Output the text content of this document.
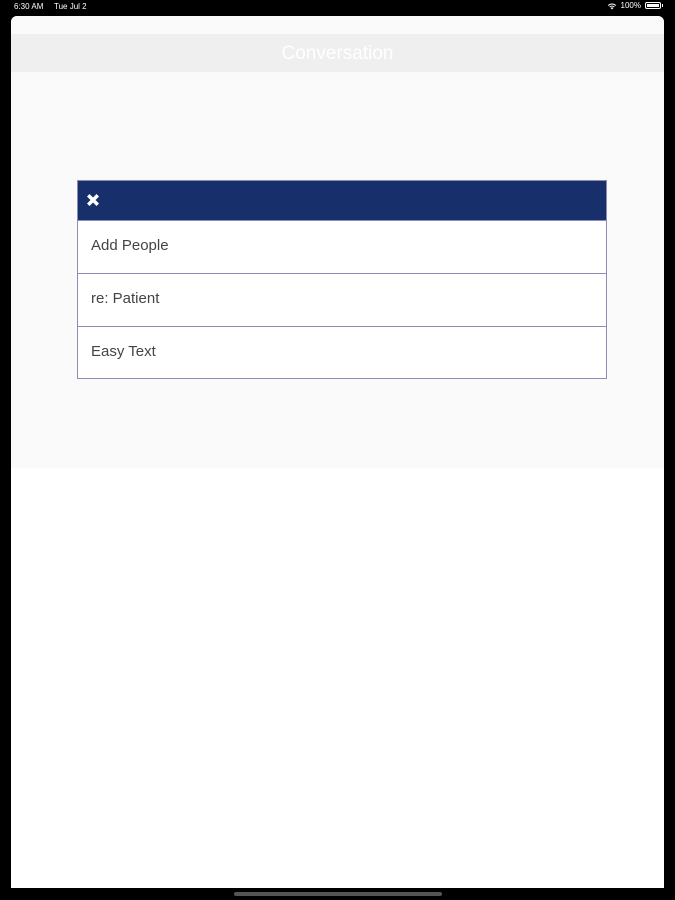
6:30 AM Tue Jul 2	100%
Conversation
Add People
re: Patient
Easy Text
